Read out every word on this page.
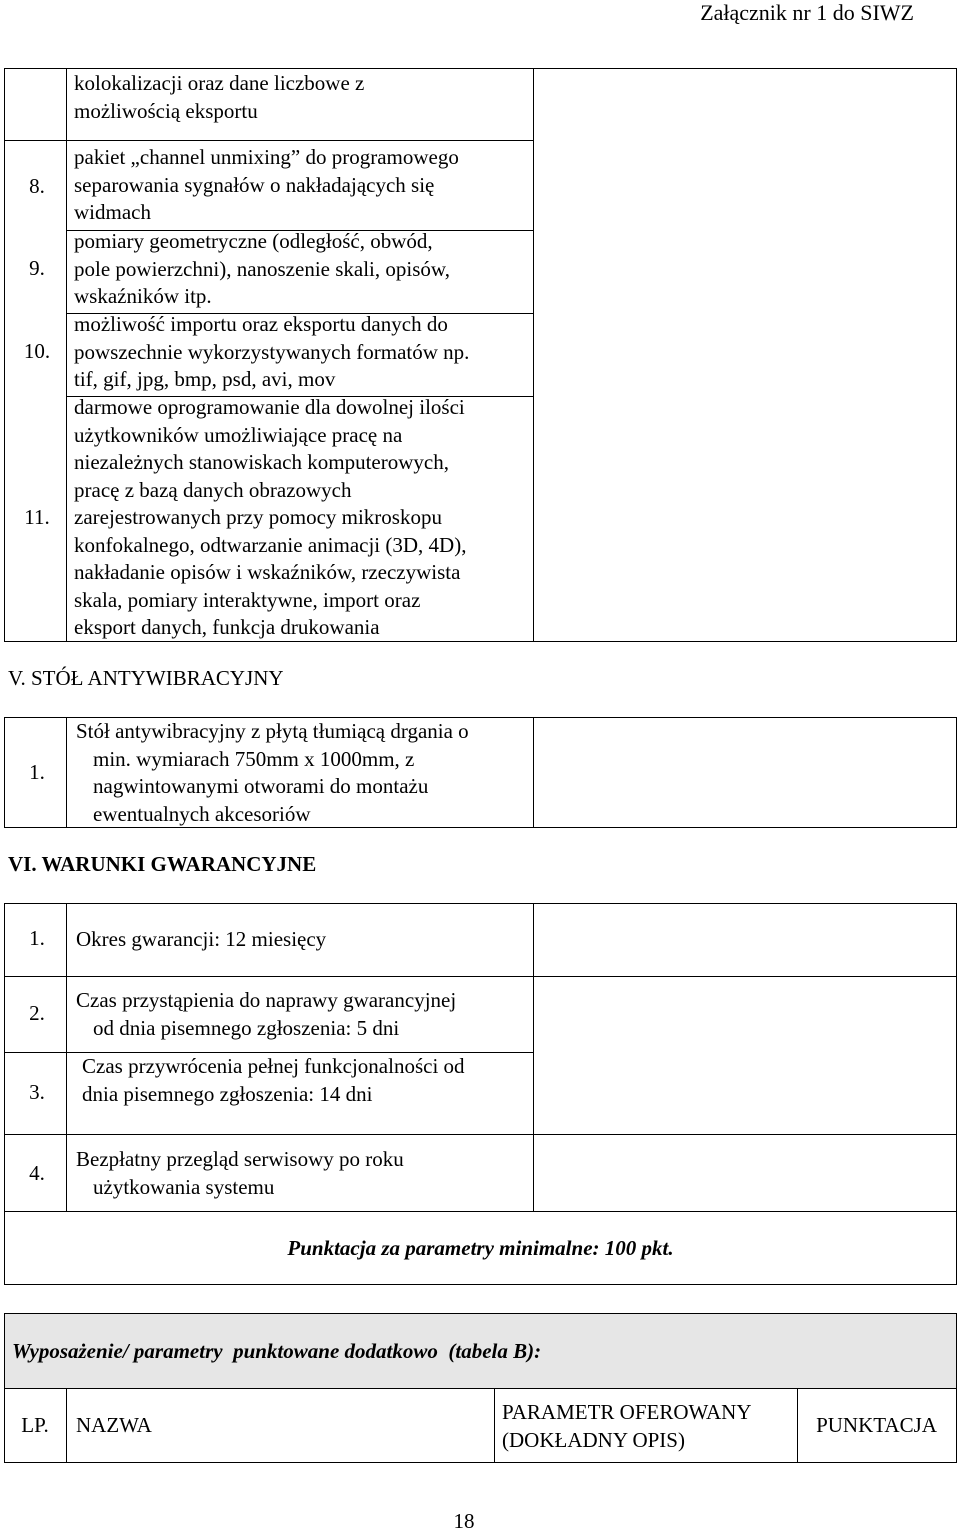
Załącznik nr 1 do SIWZ
kolokalizacji oraz dane liczbowe z
możliwością eksportu
8.
pakiet „channel unmixing” do programowego
separowania sygnałów o nakładających się
widmach
9.
pomiary geometryczne (odległość, obwód,
pole powierzchni), nanoszenie skali, opisów,
wskaźników itp.
10.
możliwość importu oraz eksportu danych do
powszechnie wykorzystywanych formatów np.
tif, gif, jpg, bmp, psd, avi, mov
11.
darmowe oprogramowanie dla dowolnej ilości
użytkowników umożliwiające pracę na
niezależnych stanowiskach komputerowych,
pracę z bazą danych obrazowych
zarejestrowanych przy pomocy mikroskopu
konfokalnego, odtwarzanie animacji (3D, 4D),
nakładanie opisów i wskaźników, rzeczywista
skala, pomiary interaktywne, import oraz
eksport danych, funkcja drukowania
V. STÓŁ ANTYWIBRACYJNY
1.
Stół antywibracyjny z płytą tłumiącą drgania o
min. wymiarach 750mm x 1000mm, z
nagwintowanymi otworami do montażu
ewentualnych akcesoriów
VI. WARUNKI GWARANCYJNE
1.	Okres gwarancji: 12 miesięcy
2.
Czas przystąpienia do naprawy gwarancyjnej
od dnia pisemnego zgłoszenia: 5 dni
3.
Czas przywrócenia pełnej funkcjonalności od
dnia pisemnego zgłoszenia: 14 dni
4.
Bezpłatny przegląd serwisowy po roku
użytkowania systemu
Punktacja za parametry minimalne: 100 pkt.
Wyposażenie/ parametry  punktowane dodatkowo  (tabela B):
LP.	NAZWA
PARAMETR OFEROWANY
(DOKŁADNY OPIS)
PUNKTACJA
18
